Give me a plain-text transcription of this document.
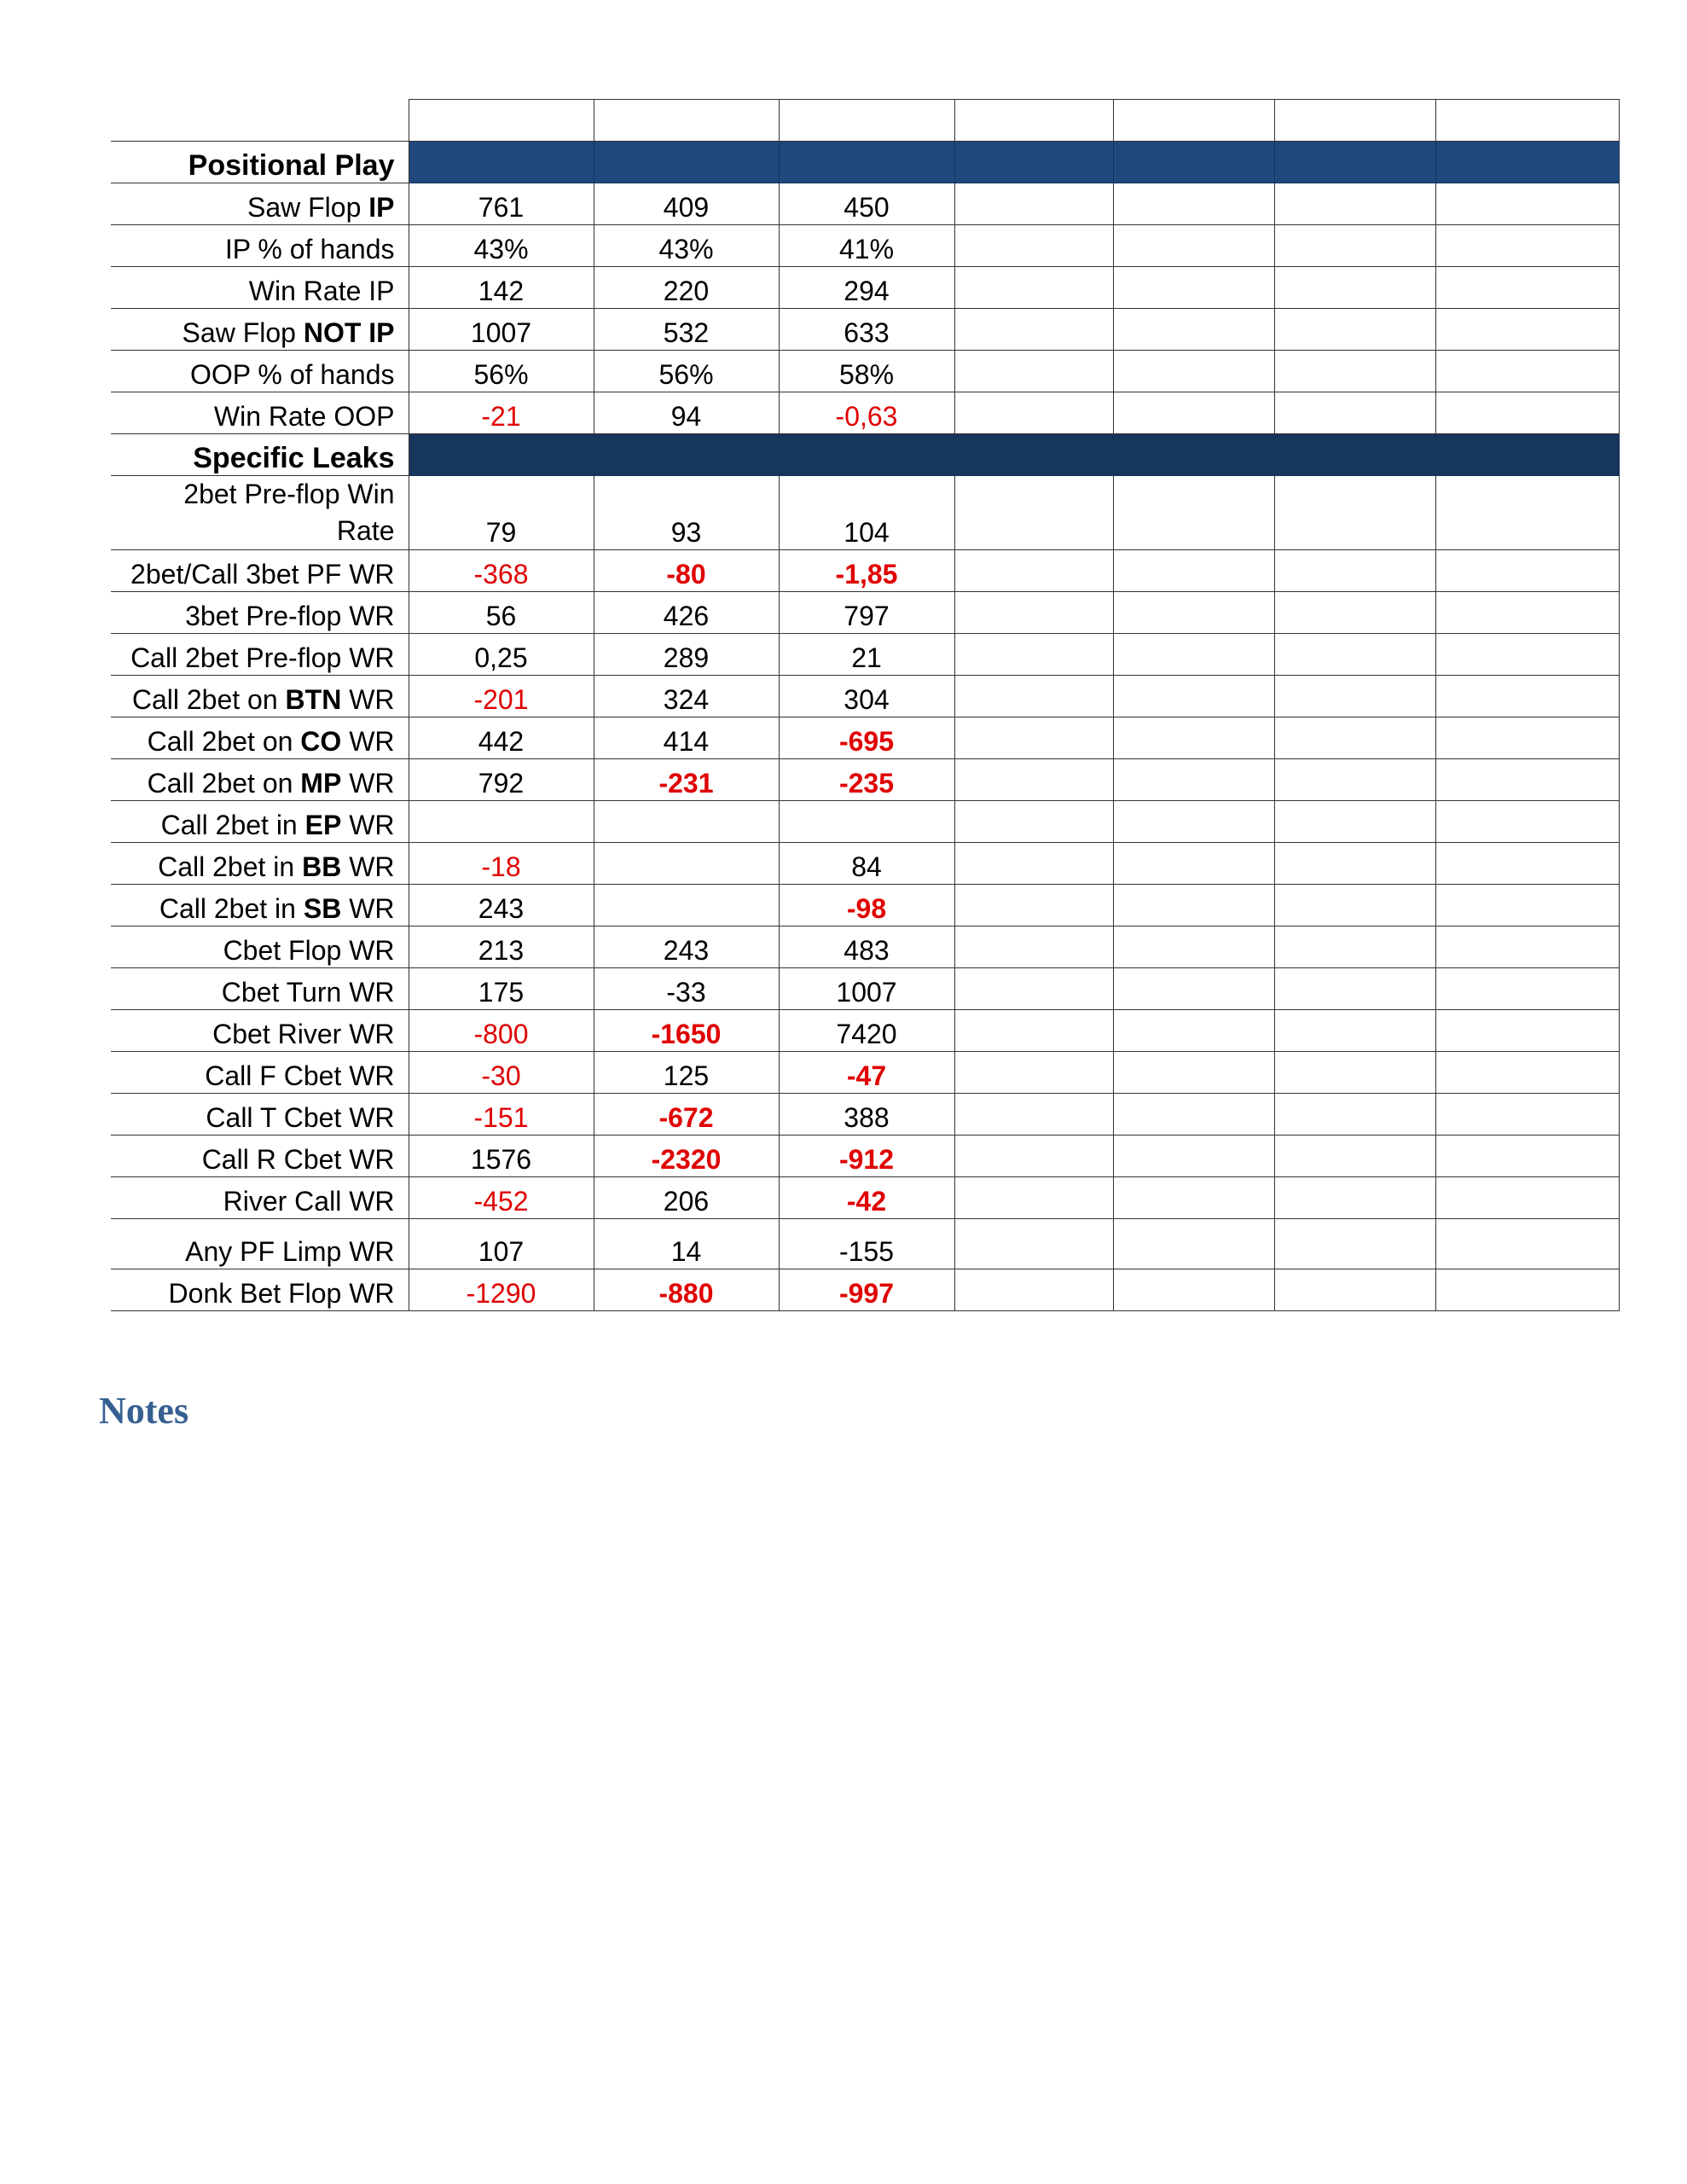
Positional Play							
Saw Flop IP	761	409	450				
IP % of hands	43%	43%	41%				
Win Rate IP	142	220	294				
Saw Flop NOT IP	1007	532	633				
OOP % of hands	56%	56%	58%				
Win Rate OOP	-21	94	-0,63				
Specific Leaks							
2bet Pre-flop Win
Rate	79	93	104				
2bet/Call 3bet PF WR	-368	-80	-1,85				
3bet Pre-flop WR	56	426	797				
Call 2bet Pre-flop WR	0,25	289	21				
Call 2bet on BTN WR	-201	324	304				
Call 2bet on CO WR	442	414	-695				
Call 2bet on MP WR	792	-231	-235				
Call 2bet in EP WR							
Call 2bet in BB WR	-18		84				
Call 2bet in SB WR	243		-98				
Cbet Flop WR	213	243	483				
Cbet Turn WR	175	-33	1007				
Cbet River WR	-800	-1650	7420				
Call F Cbet WR	-30	125	-47				
Call T Cbet WR	-151	-672	388				
Call R Cbet WR	1576	-2320	-912				
River Call WR	-452	206	-42				
Any PF Limp WR	107	14	-155				
Donk Bet Flop WR	-1290	-880	-997				
Notes
